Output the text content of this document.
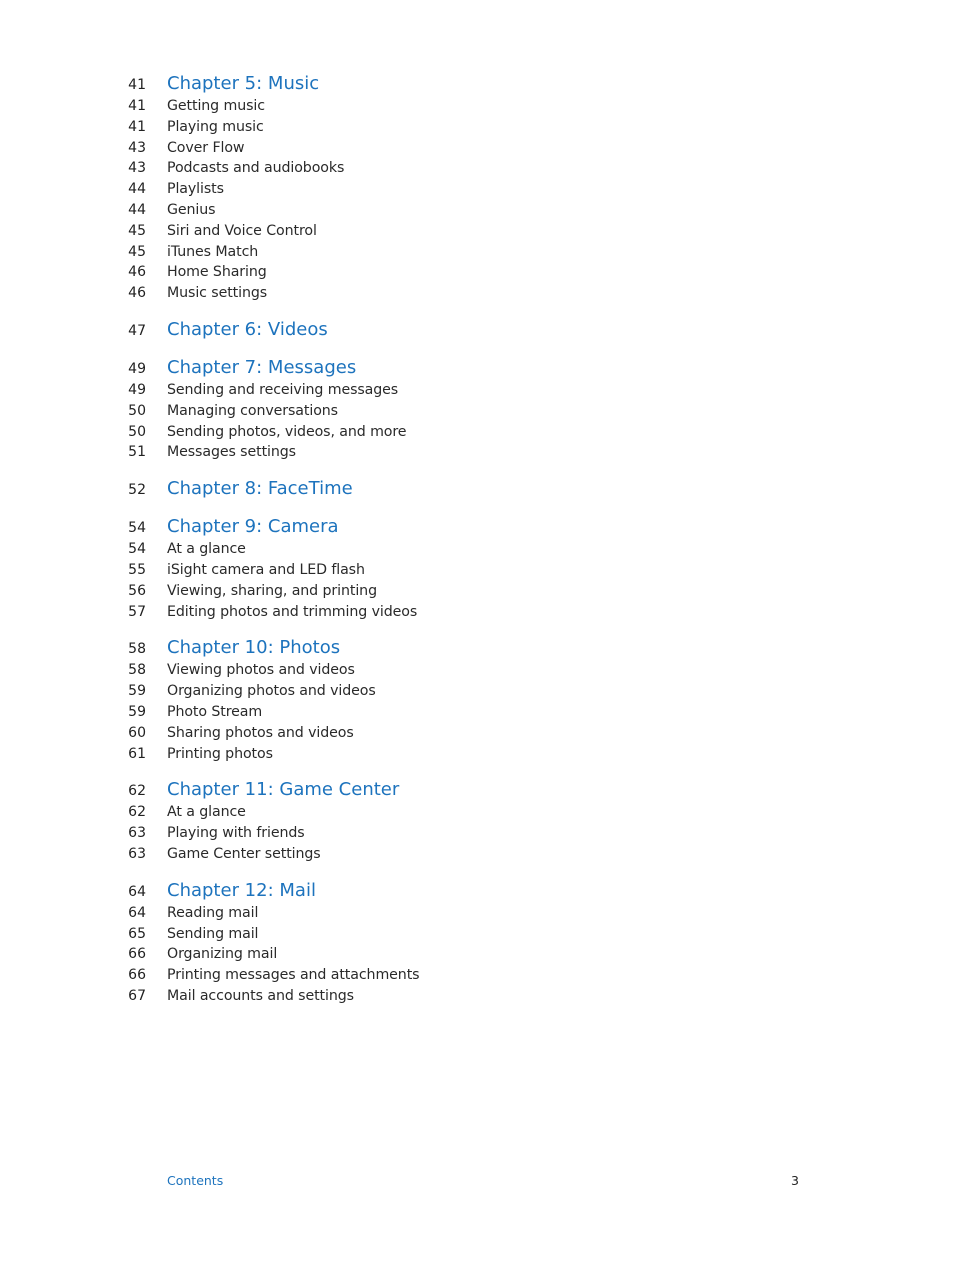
41 Chapter 5: Music
41 Getting music
41 Playing music
43 Cover Flow
43 Podcasts and audiobooks
44 Playlists
44 Genius
45 Siri and Voice Control
45 iTunes Match
46 Home Sharing
46 Music settings
47 Chapter 6: Videos
49 Chapter 7: Messages
49 Sending and receiving messages
50 Managing conversations
50 Sending photos, videos, and more
51 Messages settings
52 Chapter 8: FaceTime
54 Chapter 9: Camera
54 At a glance
55 iSight camera and LED flash
56 Viewing, sharing, and printing
57 Editing photos and trimming videos
58 Chapter 10: Photos
58 Viewing photos and videos
59 Organizing photos and videos
59 Photo Stream
60 Sharing photos and videos
61 Printing photos
62 Chapter 11: Game Center
62 At a glance
63 Playing with friends
63 Game Center settings
64 Chapter 12: Mail
64 Reading mail
65 Sending mail
66 Organizing mail
66 Printing messages and attachments
67 Mail accounts and settings
Contents	3
